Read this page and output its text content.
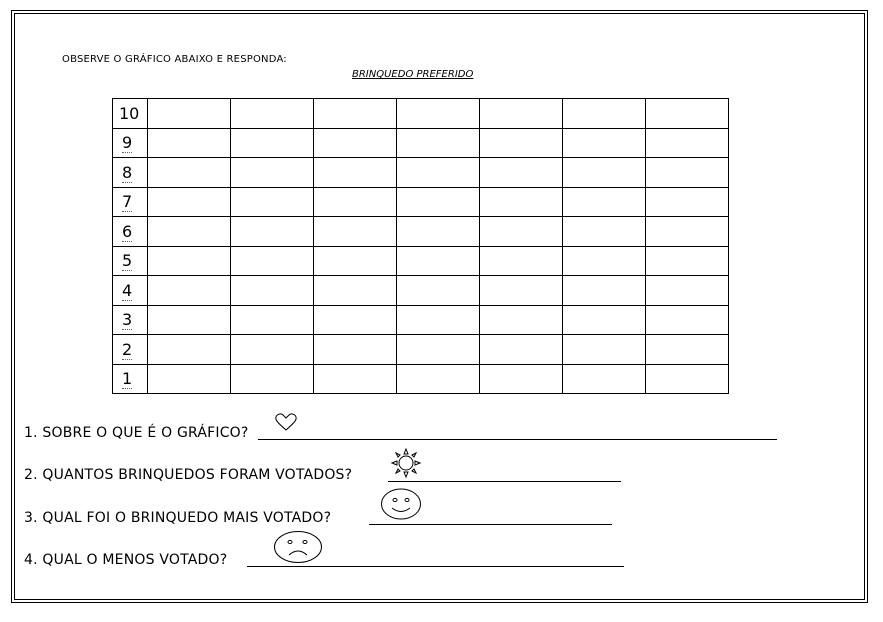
OBSERVE O GRÁFICO ABAIXO E RESPONDA:
BRINQUEDO PREFERIDO
10							
9							
8							
7							
6							
5							
4							
3							
2							
1							
1. SOBRE O QUE É O GRÁFICO?
2. QUANTOS BRINQUEDOS FORAM VOTADOS?
3. QUAL FOI O BRINQUEDO MAIS VOTADO?
4. QUAL O MENOS VOTADO?
